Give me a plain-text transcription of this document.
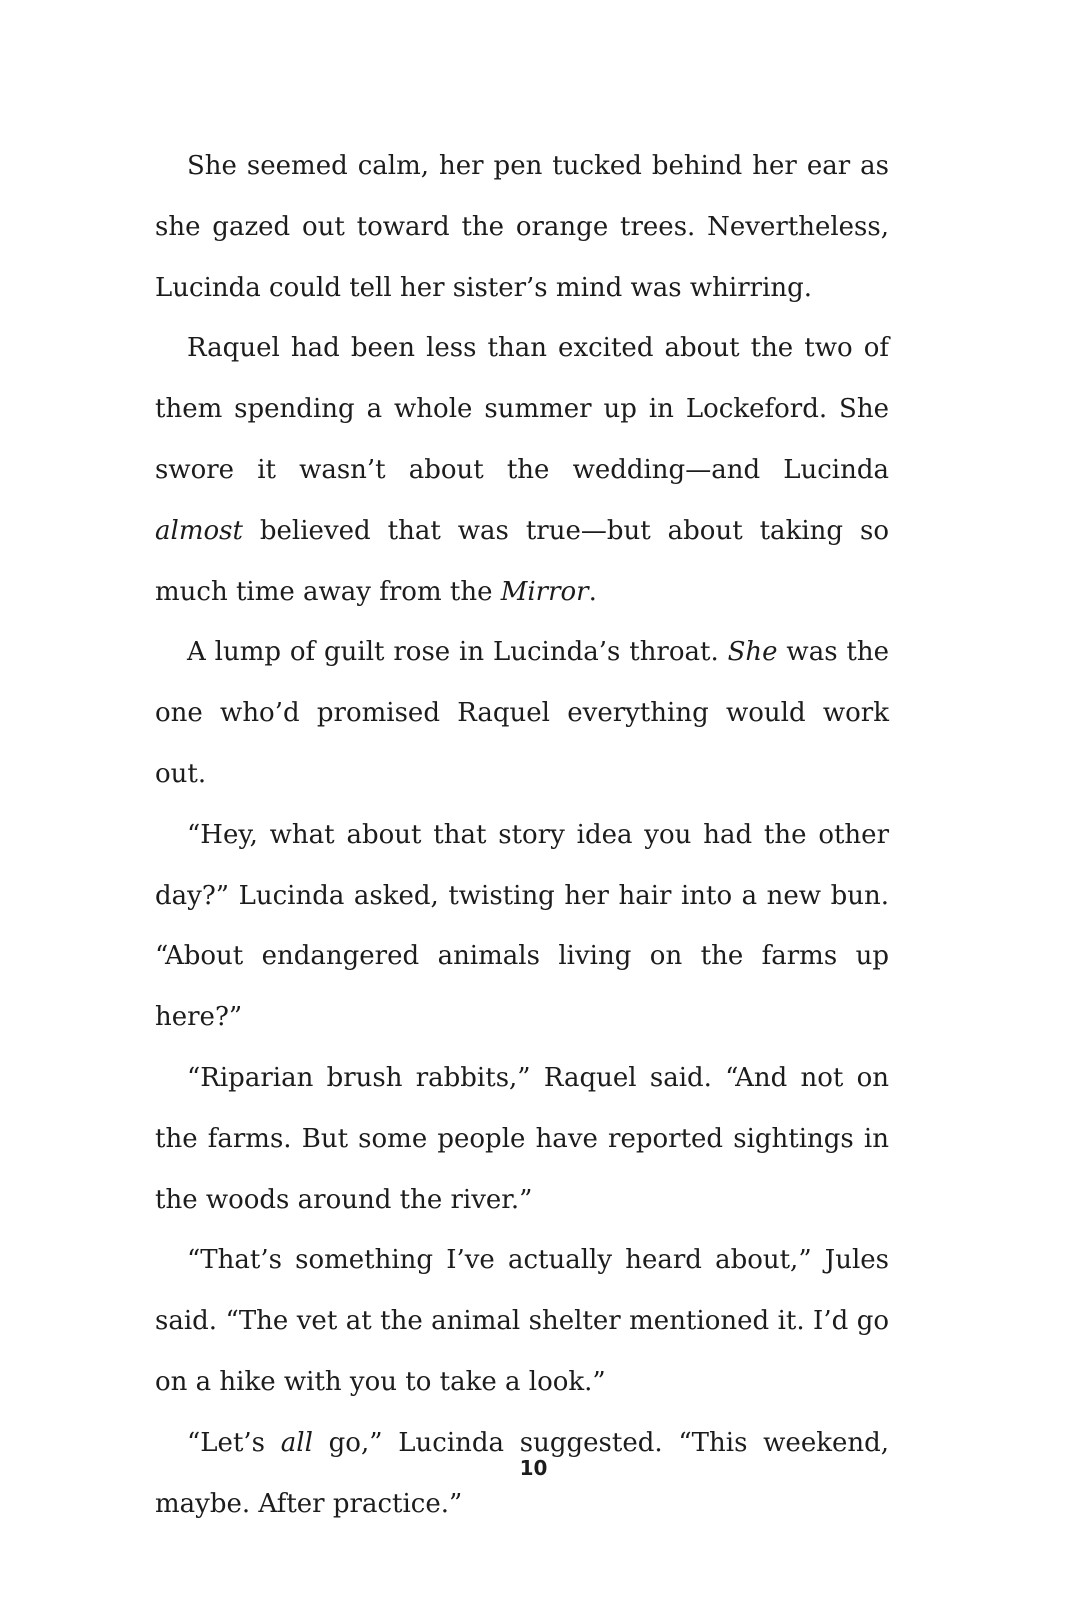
She seemed calm, her pen tucked behind her ear as she gazed out toward the orange trees. Nevertheless, Lucinda could tell her sister’s mind was whirring.

Raquel had been less than excited about the two of them spending a whole summer up in Lockeford. She swore it wasn’t about the wedding—and Lucinda almost believed that was true—but about taking so much time away from the Mirror.

A lump of guilt rose in Lucinda’s throat. She was the one who’d promised Raquel everything would work out.

“Hey, what about that story idea you had the other day?” Lucinda asked, twisting her hair into a new bun. “About endangered animals living on the farms up here?”

“Riparian brush rabbits,” Raquel said. “And not on the farms. But some people have reported sightings in the woods around the river.”

“That’s something I’ve actually heard about,” Jules said. “The vet at the animal shelter mentioned it. I’d go on a hike with you to take a look.”

“Let’s all go,” Lucinda suggested. “This weekend, maybe. After practice.”

10
